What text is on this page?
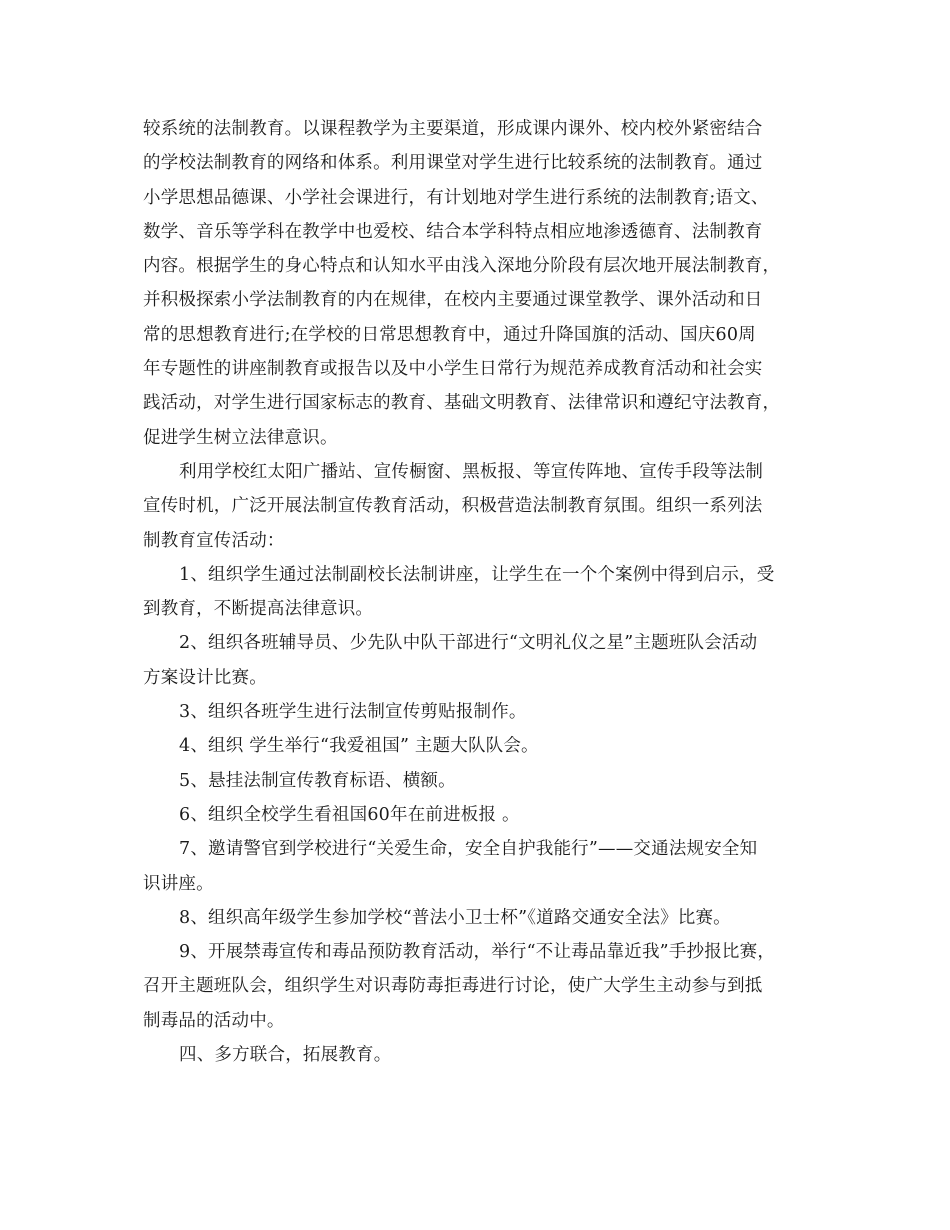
较系统的法制教育。以课程教学为主要渠道，形成课内课外、校内校外紧密结合
的学校法制教育的网络和体系。利用课堂对学生进行比较系统的法制教育。通过
小学思想品德课、小学社会课进行，有计划地对学生进行系统的法制教育;语文、
数学、音乐等学科在教学中也爱校、结合本学科特点相应地渗透德育、法制教育
内容。根据学生的身心特点和认知水平由浅入深地分阶段有层次地开展法制教育，
并积极探索小学法制教育的内在规律，在校内主要通过课堂教学、课外活动和日
常的思想教育进行;在学校的日常思想教育中，通过升降国旗的活动、国庆60周
年专题性的讲座制教育或报告以及中小学生日常行为规范养成教育活动和社会实
践活动，对学生进行国家标志的教育、基础文明教育、法律常识和遵纪守法教育，
促进学生树立法律意识。
利用学校红太阳广播站、宣传橱窗、黑板报、等宣传阵地、宣传手段等法制
宣传时机，广泛开展法制宣传教育活动，积极营造法制教育氛围。组织一系列法
制教育宣传活动：
1、组织学生通过法制副校长法制讲座，让学生在一个个案例中得到启示，受
到教育，不断提高法律意识。
2、组织各班辅导员、少先队中队干部进行“文明礼仪之星”主题班队会活动
方案设计比赛。
3、组织各班学生进行法制宣传剪贴报制作。
4、组织 学生举行“我爱祖国” 主题大队队会。
5、悬挂法制宣传教育标语、横额。
6、组织全校学生看祖国60年在前进板报 。
7、邀请警官到学校进行“关爱生命，安全自护我能行”——交通法规安全知
识讲座。
8、组织高年级学生参加学校“普法小卫士杯”《道路交通安全法》比赛。
9、开展禁毒宣传和毒品预防教育活动，举行“不让毒品靠近我”手抄报比赛，
召开主题班队会，组织学生对识毒防毒拒毒进行讨论，使广大学生主动参与到抵
制毒品的活动中。
四、多方联合，拓展教育。
